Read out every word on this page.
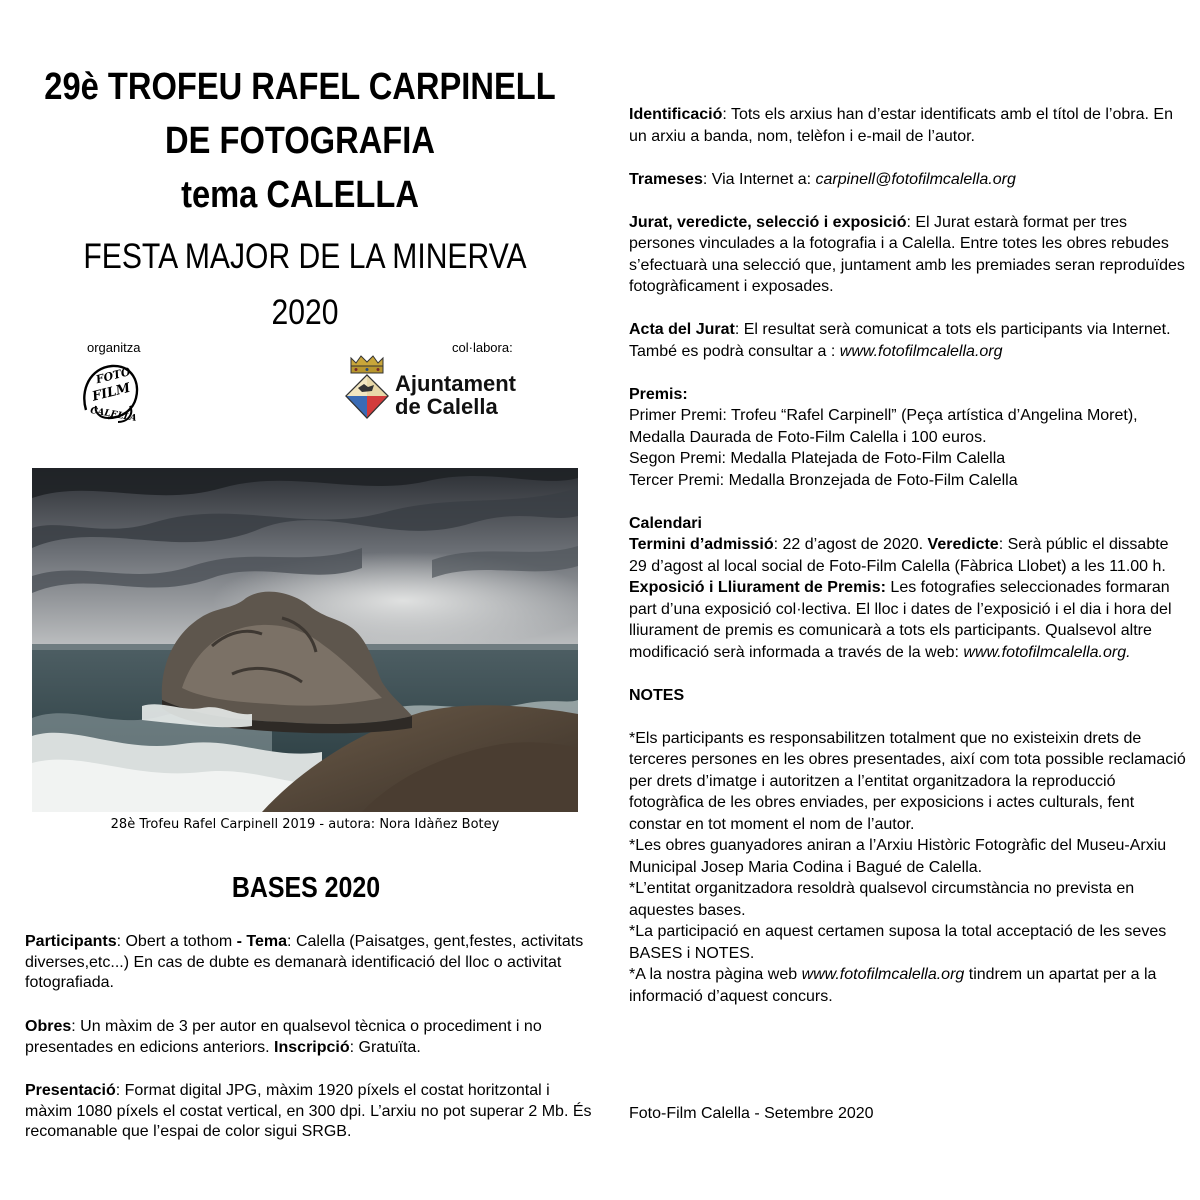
29è TROFEU RAFEL CARPINELL
DE FOTOGRAFIA
tema CALELLA
FESTA MAJOR DE LA MINERVA
2020
organitza	col·labora:
FOTO
FILM
CALELLA
Ajuntament
de Calella
28è Trofeu Rafel Carpinell 2019 - autora: Nora Idàñez Botey
BASES 2020
Participants: Obert a tothom - Tema: Calella (Paisatges, gent,festes, activitats diverses,etc...) En cas de dubte es demanarà identificació del lloc o activitat fotografiada.
Obres: Un màxim de 3 per autor en qualsevol tècnica o procediment i no presentades en edicions anteriors. Inscripció: Gratuïta.
Presentació: Format digital JPG, màxim 1920 píxels el costat horitzontal i màxim 1080 píxels el costat vertical, en 300 dpi. L’arxiu no pot superar 2 Mb. És recomanable que l’espai de color sigui SRGB.

Identificació: Tots els arxius han d’estar identificats amb el títol de l’obra. En un arxiu a banda, nom, telèfon i e-mail de l’autor.

Trameses: Via Internet a: carpinell@fotofilmcalella.org

Jurat, veredicte, selecció i exposició: El Jurat estarà format per tres persones vinculades a la fotografia i a Calella. Entre totes les obres rebudes s’efectuarà una selecció que, juntament amb les premiades seran reproduïdes fotogràficament i exposades.

Acta del Jurat: El resultat serà comunicat a tots els participants via Internet. També es podrà consultar a : www.fotofilmcalella.org

Premis:

Primer Premi: Trofeu “Rafel Carpinell” (Peça artística d’Angelina Moret), Medalla Daurada de Foto-Film Calella i 100 euros.

Segon Premi: Medalla Platejada de Foto-Film Calella

Tercer Premi: Medalla Bronzejada de Foto-Film Calella

Calendari

Termini d’admissió: 22 d’agost de 2020. Veredicte: Serà públic el dissabte 29 d’agost al local social de Foto-Film Calella (Fàbrica Llobet) a les 11.00 h. Exposició i Lliurament de Premis: Les fotografies seleccionades formaran part d’una exposició col·lectiva. El lloc i dates de l’exposició i el dia i hora del lliurament de premis es comunicarà a tots els participants. Qualsevol altre modificació serà informada a través de la web: www.fotofilmcalella.org.

NOTES

*Els participants es responsabilitzen totalment que no existeixin drets de terceres persones en les obres presentades, així com tota possible reclamació per drets d’imatge i autoritzen a l’entitat organitzadora la reproducció fotogràfica de les obres enviades, per exposicions i actes culturals, fent constar en tot moment el nom de l’autor.

*Les obres guanyadores aniran a l’Arxiu Històric Fotogràfic del Museu-Arxiu Municipal Josep Maria Codina i Bagué de Calella.

*L’entitat organitzadora resoldrà qualsevol circumstància no prevista en aquestes bases.

*La participació en aquest certamen suposa la total acceptació de les seves BASES i NOTES.

*A la nostra pàgina web www.fotofilmcalella.org tindrem un apartat per a la informació d’aquest concurs.

Foto-Film Calella - Setembre 2020
